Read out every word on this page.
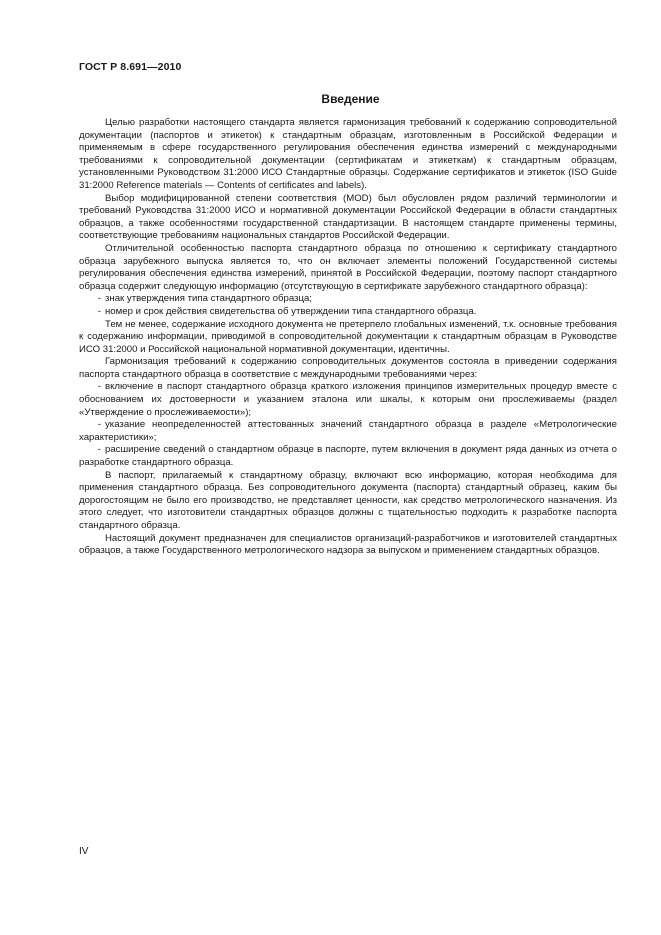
ГОСТ Р 8.691—2010
Введение

Целью разработки настоящего стандарта является гармонизация требований к содержанию сопроводительной документации (паспортов и этикеток) к стандартным образцам, изготовленным в Российской Федерации и применяемым в сфере государственного регулирования обеспечения единства измерений с международными требованиями к сопроводительной документации (сертификатам и этикеткам) к стандартным образцам, установленными Руководством 31:2000 ИСО Стандартные образцы. Содержание сертификатов и этикеток (ISO Guide 31:2000 Reference materials — Contents of certificates and labels).

Выбор модифицированной степени соответствия (MOD) был обусловлен рядом различий терминологии и требований Руководства 31:2000 ИСО и нормативной документации Российской Федерации в области стандартных образцов, а также особенностями государственной стандартизации. В настоящем стандарте применены термины, соответствующие требованиям национальных стандартов Российской Федерации.

Отличительной особенностью паспорта стандартного образца по отношению к сертификату стандартного образца зарубежного выпуска является то, что он включает элементы положений Государственной системы регулирования обеспечения единства измерений, принятой в Российской Федерации, поэтому паспорт стандартного образца содержит следующую информацию (отсутствующую в сертификате зарубежного стандартного образца):

- знак утверждения типа стандартного образца;

- номер и срок действия свидетельства об утверждении типа стандартного образца.

Тем не менее, содержание исходного документа не претерпело глобальных изменений, т.к. основные требования к содержанию информации, приводимой в сопроводительной документации к стандартным образцам в Руководстве ИСО 31:2000 и Российской национальной нормативной документации, идентичны.

Гармонизация требований к содержанию сопроводительных документов состояла в приведении содержания паспорта стандартного образца в соответствие с международными требованиями через:

- включение в паспорт стандартного образца краткого изложения принципов измерительных процедур вместе с обоснованием их достоверности и указанием эталона или шкалы, к которым они прослеживаемы (раздел «Утверждение о прослеживаемости»);

- указание неопределенностей аттестованных значений стандартного образца в разделе «Метрологические характеристики»;

- расширение сведений о стандартном образце в паспорте, путем включения в документ ряда данных из отчета о разработке стандартного образца.

В паспорт, прилагаемый к стандартному образцу, включают всю информацию, которая необходима для применения стандартного образца. Без сопроводительного документа (паспорта) стандартный образец, каким бы дорогостоящим не было его производство, не представляет ценности, как средство метрологического назначения. Из этого следует, что изготовители стандартных образцов должны с тщательностью подходить к разработке паспорта стандартного образца.

Настоящий документ предназначен для специалистов организаций-разработчиков и изготовителей стандартных образцов, а также Государственного метрологического надзора за выпуском и применением стандартных образцов.

IV
